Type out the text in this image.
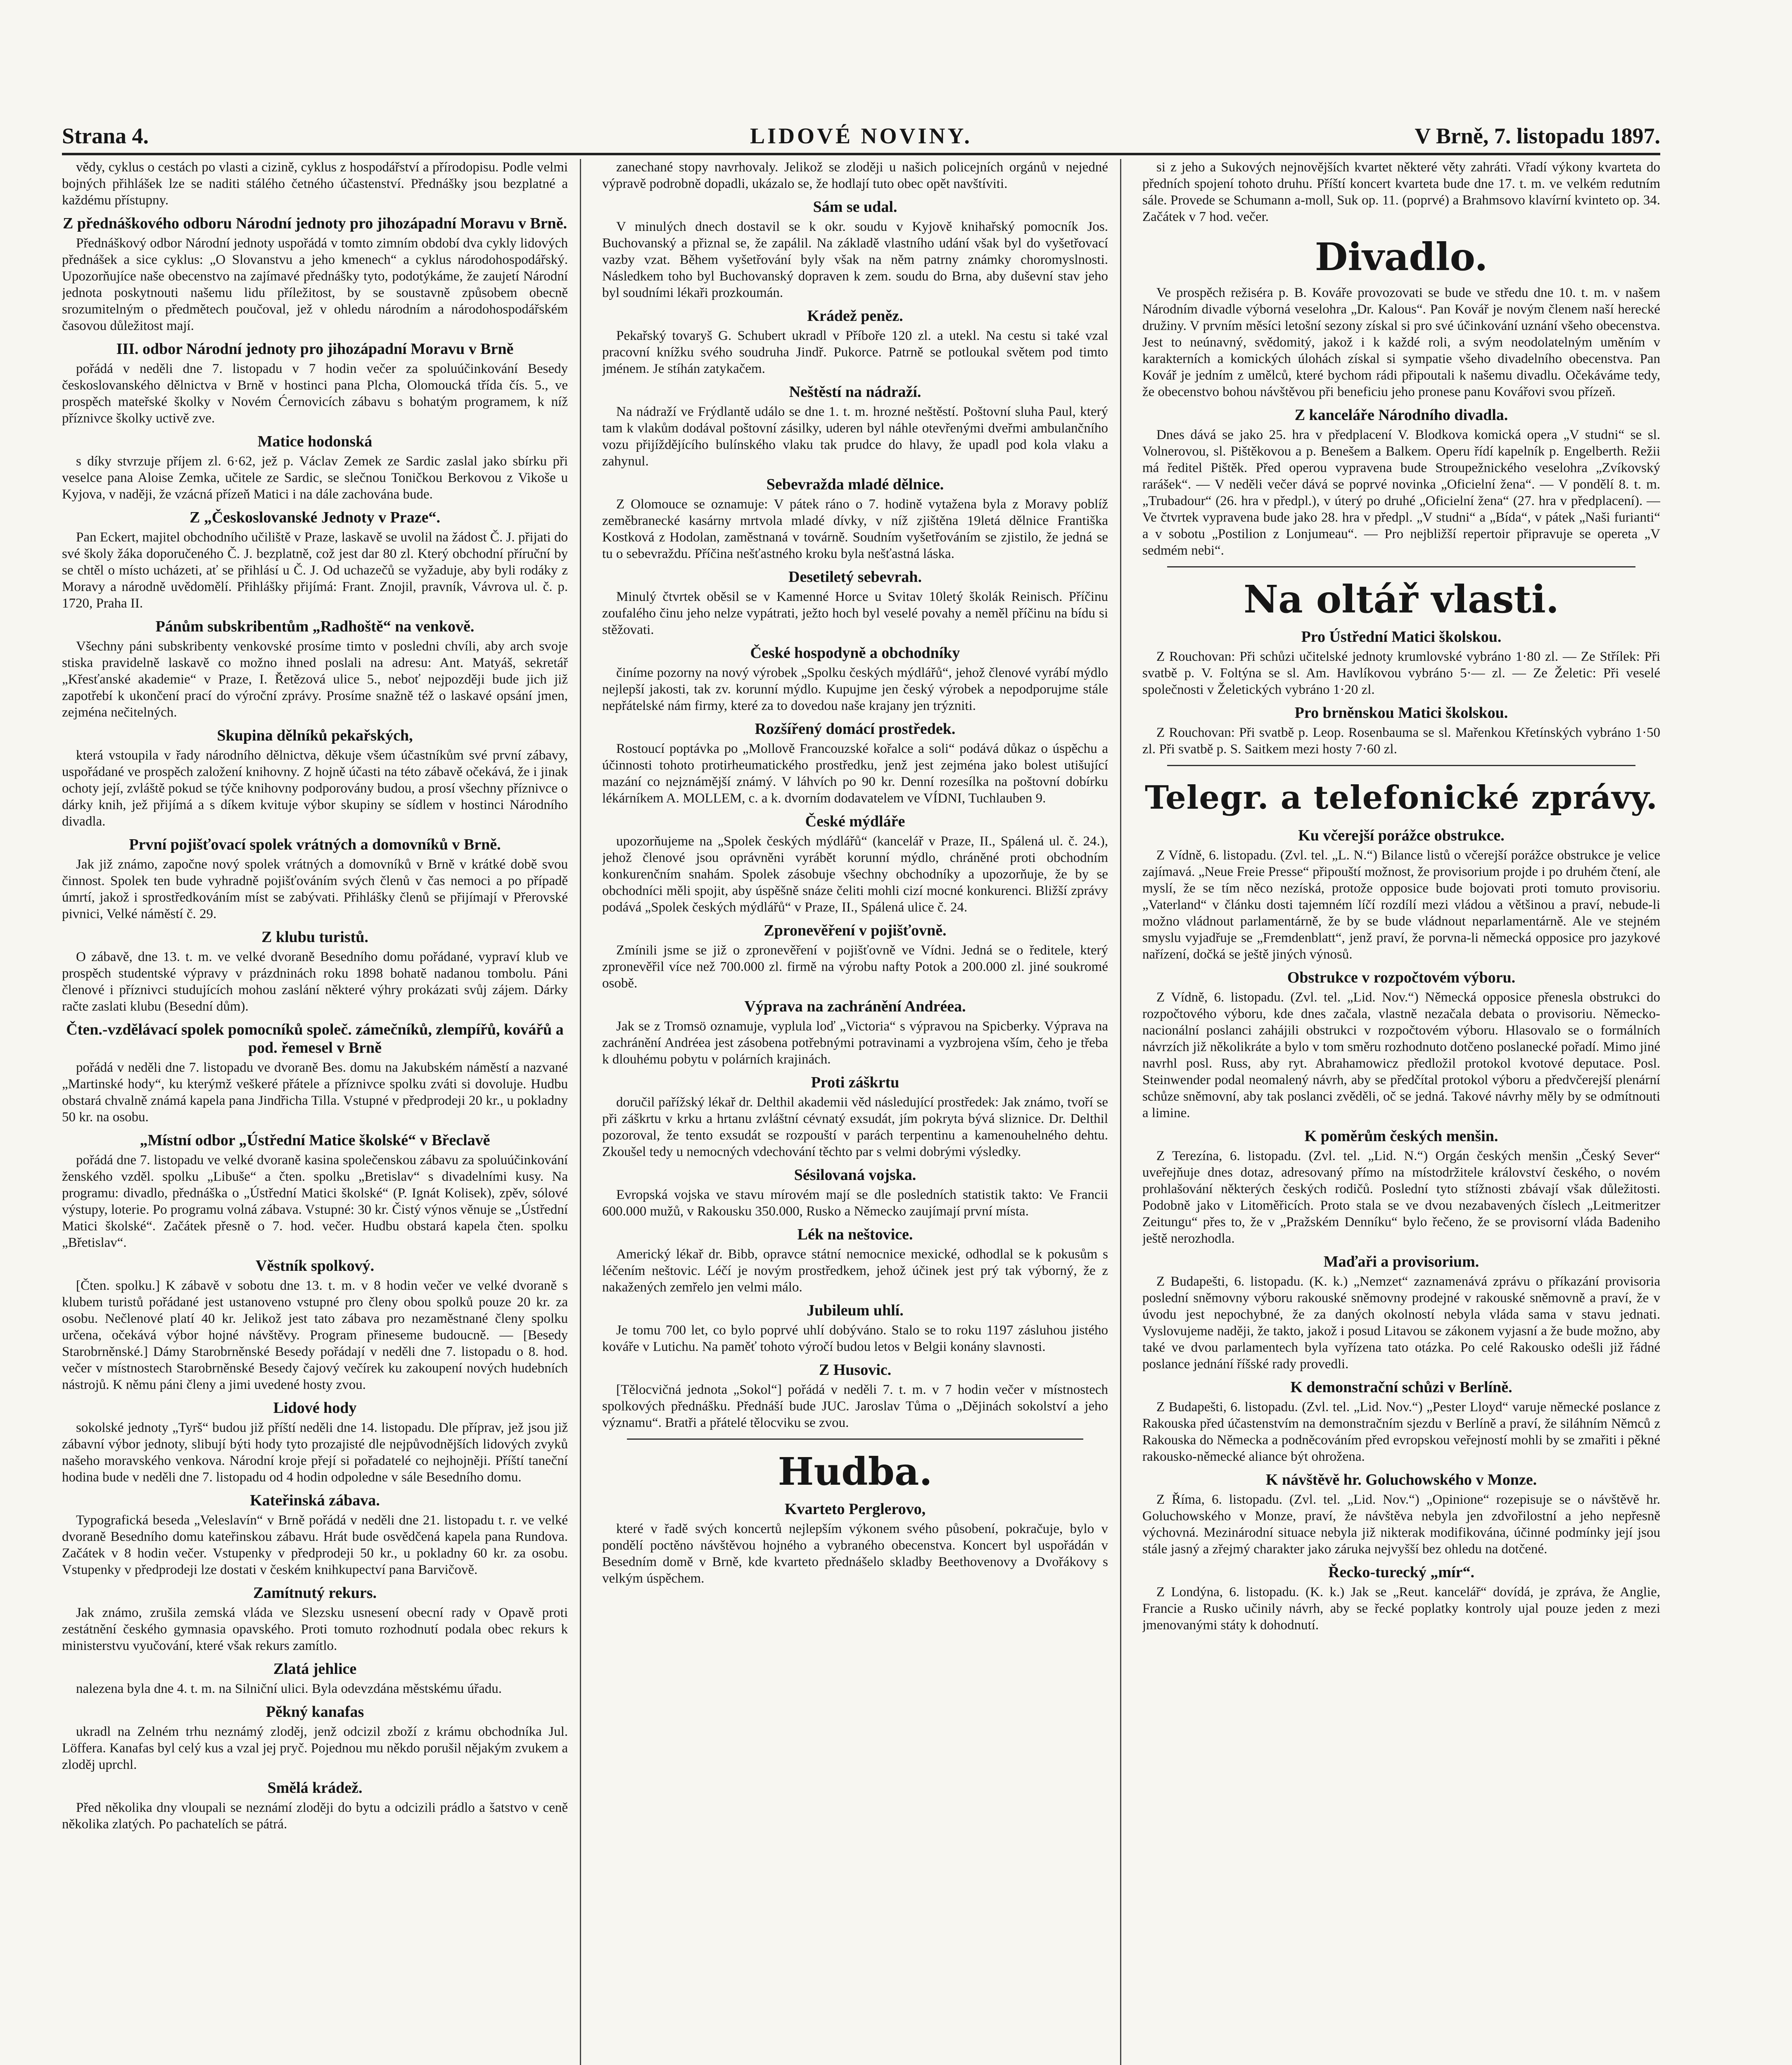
Strana 4.	LIDOVÉ NOVINY.	V Brně, 7. listopadu 1897.

vědy, cyklus o cestách po vlasti a cizině, cyklus z hospodářství a přírodopisu. Podle velmi bojných přihlášek lze se naditi stálého četného účastenství. Přednášky jsou bezplatné a každému přístupny.

Z přednáškového odboru Národní jednoty pro jihozápadní Moravu v Brně.

Přednáškový odbor Národní jednoty uspořádá v tomto zimním období dva cykly lidových přednášek a sice cyklus: „O Slovanstvu a jeho kmenech“ a cyklus národohospodářský. Upozorňujíce naše obecenstvo na zajímavé přednášky tyto, podotýkáme, že zaujetí Národní jednota poskytnouti našemu lidu příležitost, by se soustavně způsobem obecně srozumitelným o předmětech poučoval, jež v ohledu národním a národohospodářském časovou důležitost mají.

III. odbor Národní jednoty pro jihozápadní Moravu v Brně

pořádá v neděli dne 7. listopadu v 7 hodin večer za spoluúčinkování Besedy českoslovanského dělnictva v Brně v hostinci pana Plcha, Olomoucká třída čís. 5., ve prospěch mateřské školky v Novém Ćernovicích zábavu s bohatým programem, k níž příznivce školky uctivě zve.

Matice hodonská

s díky stvrzuje příjem zl. 6·62, jež p. Václav Zemek ze Sardic zaslal jako sbírku při veselce pana Aloise Zemka, učitele ze Sardic, se slečnou Toničkou Berkovou z Vikoše u Kyjova, v naději, že vzácná přízeň Matici i na dále zachována bude.

Z „Českoslovanské Jednoty v Praze“.

Pan Eckert, majitel obchodního učiliště v Praze, laskavě se uvolil na žádost Č. J. přijati do své školy žáka doporučeného Č. J. bezplatně, což jest dar 80 zl. Který obchodní příruční by se chtěl o místo ucházeti, ať se přihlásí u Č. J. Od uchazečů se vyžaduje, aby byli rodáky z Moravy a národně uvědomělí. Přihlášky přijímá: Frant. Znojil, pravník, Vávrova ul. č. p. 1720, Praha II.

Pánům subskribentům „Radhoště“ na venkově.

Všechny páni subskribenty venkovské prosíme timto v posledni chvíli, aby arch svoje stiska pravidelně laskavě co možno ihned poslali na adresu: Ant. Matyáš, sekretář „Křesťanské akademie“ v Praze, I. Řetězová ulice 5., neboť nejpozději bude jich již zapotřebí k ukončení prací do výroční zprávy. Prosíme snažně též o laskavé opsání jmen, zejména nečitelných.

Skupina dělníků pekařských,

která vstoupila v řady národního dělnictva, děkuje všem účastníkům své první zábavy, uspořádané ve prospěch založení knihovny. Z hojně účasti na této zábavě očekává, že i jinak ochoty její, zvláště pokud se týče knihovny podporovány budou, a prosí všechny příznivce o dárky knih, jež přijímá a s díkem kvituje výbor skupiny se sídlem v hostinci Národního divadla.

První pojišťovací spolek vrátných a domovníků v Brně.

Jak již známo, započne nový spolek vrátných a domovníků v Brně v krátké době svou činnost. Spolek ten bude vyhradně pojišťováním svých členů v čas nemoci a po případě úmrtí, jakož i sprostředkováním míst se zabývati. Přihlášky členů se přijímají v Přerovské pivnici, Velké náměstí č. 29.

Z klubu turistů.

O zábavě, dne 13. t. m. ve velké dvoraně Besedního domu pořádané, vypraví klub ve prospěch studentské výpravy v prázdninách roku 1898 bohatě nadanou tombolu. Páni členové i příznivci studujících mohou zaslání některé výhry prokázati svůj zájem. Dárky račte zaslati klubu (Besední dům).

Čten.-vzdělávací spolek pomocníků společ. zámečníků, zlempířů, kovářů a pod. řemesel v Brně

pořádá v neděli dne 7. listopadu ve dvoraně Bes. domu na Jakubském náměstí a nazvané „Martinské hody“, ku kterýmž veškeré přátele a příznivce spolku zváti si dovoluje. Hudbu obstará chvalně známá kapela pana Jindřicha Tilla. Vstupné v předprodeji 20 kr., u pokladny 50 kr. na osobu.

„Místní odbor „Ústřední Matice školské“ v Břeclavě

pořádá dne 7. listopadu ve velké dvoraně kasina společenskou zábavu za spoluúčinkování ženského vzděl. spolku „Libuše“ a čten. spolku „Bretislav“ s divadelními kusy. Na programu: divadlo, přednáška o „Ústřední Matici školské“ (P. Ignát Kolisek), zpěv, sólové výstupy, loterie. Po programu volná zábava. Vstupné: 30 kr. Čistý výnos věnuje se „Ústřední Matici školské“. Začátek přesně o 7. hod. večer. Hudbu obstará kapela čten. spolku „Břetislav“.

Věstník spolkový.

[Čten. spolku.] K zábavě v sobotu dne 13. t. m. v 8 hodin večer ve velké dvoraně s klubem turistů pořádané jest ustanoveno vstupné pro členy obou spolků pouze 20 kr. za osobu. Nečlenové platí 40 kr. Jelikož jest tato zábava pro nezaměstnané členy spolku určena, očekává výbor hojné návštěvy. Program přineseme budoucně. — [Besedy Starobrněnské.] Dámy Starobrněnské Besedy pořádají v neděli dne 7. listopadu o 8. hod. večer v místnostech Starobrněnské Besedy čajový večírek ku zakoupení nových hudebních nástrojů. K němu páni členy a jimi uvedené hosty zvou.

Lidové hody

sokolské jednoty „Tyrš“ budou již příští neděli dne 14. listopadu. Dle příprav, jež jsou již zábavní výbor jednoty, slibují býti hody tyto prozajisté dle nejpůvodnějších lidových zvyků našeho moravského venkova. Národní kroje přejí si pořadatelé co nejhojněji. Příští taneční hodina bude v neděli dne 7. listopadu od 4 hodin odpoledne v sále Besedního domu.

Kateřinská zábava.

Typografická beseda „Veleslavín“ v Brně pořádá v neděli dne 21. listopadu t. r. ve velké dvoraně Besedního domu kateřinskou zábavu. Hrát bude osvědčená kapela pana Rundova. Začátek v 8 hodin večer. Vstupenky v předprodeji 50 kr., u pokladny 60 kr. za osobu. Vstupenky v předprodeji lze dostati v českém knihkupectví pana Barvičově.

Zamítnutý rekurs.

Jak známo, zrušila zemská vláda ve Slezsku usnesení obecní rady v Opavě proti zestátnění českého gymnasia opavského. Proti tomuto rozhodnutí podala obec rekurs k ministerstvu vyučování, které však rekurs zamítlo.

Zlatá jehlice

nalezena byla dne 4. t. m. na Silniční ulici. Byla odevzdána městskému úřadu.

Pěkný kanafas

ukradl na Zelném trhu neznámý zloděj, jenž odcizil zboží z krámu obchodníka Jul. Löffera. Kanafas byl celý kus a vzal jej pryč. Pojednou mu někdo porušil nějakým zvukem a zloděj uprchl.

Smělá krádež.

Před několika dny vloupali se neznámí zloději do bytu a odcizili prádlo a šatstvo v ceně několika zlatých. Po pachatelích se pátrá.

zanechané stopy navrhovaly. Jelikož se zloději u našich policejních orgánů v nejedné výpravě podrobně dopadli, ukázalo se, že hodlají tuto obec opět navštíviti.

Sám se udal.

V minulých dnech dostavil se k okr. soudu v Kyjově knihařský pomocník Jos. Buchovanský a přiznal se, že zapálil. Na základě vlastního udání však byl do vyšetřovací vazby vzat. Během vyšetřování byly však na něm patrny známky choromyslnosti. Následkem toho byl Buchovanský dopraven k zem. soudu do Brna, aby duševní stav jeho byl soudními lékaři prozkoumán.

Krádež peněz.

Pekařský tovaryš G. Schubert ukradl v Příboře 120 zl. a utekl. Na cestu si také vzal pracovní knížku svého soudruha Jindř. Pukorce. Patrně se potloukal světem pod timto jménem. Je stíhán zatykačem.

Neštěstí na nádraží.

Na nádraží ve Frýdlantě událo se dne 1. t. m. hrozné neštěstí. Poštovní sluha Paul, který tam k vlakům dodával poštovní zásilky, uderen byl náhle otevřenými dveřmi ambulančního vozu přijíždějícího bulínského vlaku tak prudce do hlavy, že upadl pod kola vlaku a zahynul.

Sebevražda mladé dělnice.

Z Olomouce se oznamuje: V pátek ráno o 7. hodině vytažena byla z Moravy poblíž zeměbranecké kasárny mrtvola mladé dívky, v níž zjištěna 19letá dělnice Františka Kostková z Hodolan, zaměstnaná v továrně. Soudním vyšetřováním se zjistilo, že jedná se tu o sebevraždu. Příčina nešťastného kroku byla nešťastná láska.

Desetiletý sebevrah.

Minulý čtvrtek oběsil se v Kamenné Horce u Svitav 10letý školák Reinisch. Příčinu zoufalého činu jeho nelze vypátrati, ježto hoch byl veselé povahy a neměl příčinu na bídu si stěžovati.

České hospodyně a obchodníky

činíme pozorny na nový výrobek „Spolku českých mýdlářů“, jehož členové vyrábí mýdlo nejlepší jakosti, tak zv. korunní mýdlo. Kupujme jen český výrobek a nepodporujme stále nepřátelské nám firmy, které za to dovedou naše krajany jen trýzniti.

Rozšířený domácí prostředek.

Rostoucí poptávka po „Mollově Francouzské kořalce a soli“ podává důkaz o úspěchu a účinnosti tohoto protirheumatického prostředku, jenž jest zejména jako bolest utišující mazání co nejznámější známý. V láhvích po 90 kr. Denní rozesílka na poštovní dobírku lékárníkem A. MOLLEM, c. a k. dvorním dodavatelem ve VÍDNI, Tuchlauben 9.

České mýdláře

upozorňujeme na „Spolek českých mýdlářů“ (kancelář v Praze, II., Spálená ul. č. 24.), jehož členové jsou oprávněni vyrábět korunní mýdlo, chráněné proti obchodním konkurenčním snahám. Spolek zásobuje všechny obchodníky a upozorňuje, že by se obchodníci měli spojit, aby úspěšně snáze čeliti mohli cizí mocné konkurenci. Bližší zprávy podává „Spolek českých mýdlářů“ v Praze, II., Spálená ulice č. 24.

Zpronevěření v pojišťovně.

Zmínili jsme se již o zpronevěření v pojišťovně ve Vídni. Jedná se o ředitele, který zpronevěřil více než 700.000 zl. firmě na výrobu nafty Potok a 200.000 zl. jiné soukromé osobě.

Výprava na zachránění Andréea.

Jak se z Tromsö oznamuje, vyplula loď „Victoria“ s výpravou na Spicberky. Výprava na zachránění Andréea jest zásobena potřebnými potravinami a vyzbrojena vším, čeho je třeba k dlouhému pobytu v polárních krajinách.

Proti záškrtu

doručil pařížský lékař dr. Delthil akademii věd následující prostředek: Jak známo, tvoří se při záškrtu v krku a hrtanu zvláštní cévnatý exsudát, jím pokryta bývá sliznice. Dr. Delthil pozoroval, že tento exsudát se rozpouští v parách terpentinu a kamenouhelného dehtu. Zkoušel tedy u nemocných vdechování těchto par s velmi dobrými výsledky.

Sésilovaná vojska.

Evropská vojska ve stavu mírovém mají se dle posledních statistik takto: Ve Francii 600.000 mužů, v Rakousku 350.000, Rusko a Německo zaujímají první místa.

Lék na neštovice.

Americký lékař dr. Bibb, opravce státní nemocnice mexické, odhodlal se k pokusům s léčením neštovic. Léčí je novým prostředkem, jehož účinek jest prý tak výborný, že z nakažených zemřelo jen velmi málo.

Jubileum uhlí.

Je tomu 700 let, co bylo poprvé uhlí dobýváno. Stalo se to roku 1197 zásluhou jistého kováře v Lutichu. Na paměť tohoto výročí budou letos v Belgii konány slavnosti.

Z Husovic.

[Tělocvičná jednota „Sokol“] pořádá v neděli 7. t. m. v 7 hodin večer v místnostech spolkových přednášku. Přednáší bude JUC. Jaroslav Tůma o „Dějinách sokolství a jeho významu“. Bratři a přátelé tělocviku se zvou.

Hudba.
Kvarteto Perglerovo,

které v řadě svých koncertů nejlepším výkonem svého působení, pokračuje, bylo v pondělí poctěno návštěvou hojného a vybraného obecenstva. Koncert byl uspořádán v Besedním domě v Brně, kde kvarteto přednášelo skladby Beethovenovy a Dvořákovy s velkým úspěchem.

si z jeho a Sukových nejnovějších kvartet některé věty zahráti. Vřadí výkony kvarteta do předních spojení tohoto druhu. Příští koncert kvarteta bude dne 17. t. m. ve velkém redutním sále. Provede se Schumann a-moll, Suk op. 11. (poprvé) a Brahmsovo klavírní kvinteto op. 34. Začátek v 7 hod. večer.

Divadlo.

Ve prospěch režiséra p. B. Kováře provozovati se bude ve středu dne 10. t. m. v našem Národním divadle výborná veselohra „Dr. Kalous“. Pan Kovář je novým členem naší herecké družiny. V prvním měsíci letošní sezony získal si pro své účinkování uznání všeho obecenstva. Jest to neúnavný, svědomitý, jakož i k každé roli, a svým neodolatelným uměním v karakterních a komických úlohách získal si sympatie všeho divadelního obecenstva. Pan Kovář je jedním z umělců, které bychom rádi připoutali k našemu divadlu. Očekáváme tedy, že obecenstvo bohou návštěvou při beneficiu jeho pronese panu Kovářovi svou přízeň.

Z kanceláře Národního divadla.

Dnes dává se jako 25. hra v předplacení V. Blodkova komická opera „V studni“ se sl. Volnerovou, sl. Pištěkovou a p. Benešem a Balkem. Operu řídí kapelník p. Engelberth. Režii má ředitel Pištěk. Před operou vypravena bude Stroupežnického veselohra „Zvíkovský rarášek“. — V neděli večer dává se poprvé novinka „Oficielní žena“. — V pondělí 8. t. m. „Trubadour“ (26. hra v předpl.), v úterý po druhé „Oficielní žena“ (27. hra v předplacení). — Ve čtvrtek vypravena bude jako 28. hra v předpl. „V studni“ a „Bída“, v pátek „Naši furianti“ a v sobotu „Postilion z Lonjumeau“. — Pro nejbližší repertoir připravuje se opereta „V sedmém nebi“.

Na oltář vlasti.
Pro Ústřední Matici školskou.

Z Rouchovan: Při schůzi učitelské jednoty krumlovské vybráno 1·80 zl. — Ze Střílek: Při svatbě p. V. Foltýna se sl. Am. Havlíkovou vybráno 5·— zl. — Ze Želetic: Při veselé společnosti v Želetických vybráno 1·20 zl.

Pro brněnskou Matici školskou.

Z Rouchovan: Při svatbě p. Leop. Rosenbauma se sl. Mařenkou Křetínských vybráno 1·50 zl. Při svatbě p. S. Saitkem mezi hosty 7·60 zl.

Telegr. a telefonické zprávy.
Ku včerejší porážce obstrukce.

Z Vídně, 6. listopadu. (Zvl. tel. „L. N.“) Bilance listů o včerejší porážce obstrukce je velice zajímavá. „Neue Freie Presse“ připouští možnost, že provisorium projde i po druhém čtení, ale myslí, že se tím něco nezíská, protože opposice bude bojovati proti tomuto provisoriu. „Vaterland“ v článku dosti tajemném líčí rozdílí mezi vládou a většinou a praví, nebude-li možno vládnout parlamentárně, že by se bude vládnout neparlamentárně. Ale ve stejném smyslu vyjadřuje se „Fremdenblatt“, jenž praví, že porvna-li německá opposice pro jazykové nařízení, dočká se ještě jiných výnosů.

Obstrukce v rozpočtovém výboru.

Z Vídně, 6. listopadu. (Zvl. tel. „Lid. Nov.“) Německá opposice přenesla obstrukci do rozpočtového výboru, kde dnes začala, vlastně nezačala debata o provisoriu. Německo-nacionální poslanci zahájili obstrukci v rozpočtovém výboru. Hlasovalo se o formálních návrzích již několikráte a bylo v tom směru rozhodnuto dotčeno poslanecké pořadí. Mimo jiné navrhl posl. Russ, aby ryt. Abrahamowicz předložil protokol kvotové deputace. Posl. Steinwender podal neomalený návrh, aby se předčítal protokol výboru a předvčerejší plenární schůze sněmovní, aby tak poslanci zvěděli, oč se jedná. Takové návrhy měly by se odmítnouti a limine.

K poměrům českých menšin.

Z Terezína, 6. listopadu. (Zvl. tel. „Lid. N.“) Orgán českých menšin „Český Sever“ uveřejňuje dnes dotaz, adresovaný přímo na místodržitele království českého, o novém prohlašování některých českých rodičů. Poslední tyto stížnosti zbávají však důležitosti. Podobně jako v Litoměřicích. Proto stala se ve dvou nezabavených číslech „Leitmeritzer Zeitungu“ přes to, že v „Pražském Denníku“ bylo řečeno, že se provisorní vláda Badeniho ještě nerozhodla.

Maďaři a provisorium.

Z Budapešti, 6. listopadu. (K. k.) „Nemzet“ zaznamenává zprávu o příkazání provisoria poslední sněmovny výboru rakouské sněmovny prodejné v rakouské sněmovně a praví, že v úvodu jest nepochybné, že za daných okolností nebyla vláda sama v stavu jednati. Vyslovujeme naději, že takto, jakož i posud Litavou se zákonem vyjasní a že bude možno, aby také ve dvou parlamentech byla vyřízena tato otázka. Po celé Rakousko odešli již řádné poslance jednání říšské rady provedli.

K demonstrační schůzi v Berlíně.

Z Budapešti, 6. listopadu. (Zvl. tel. „Lid. Nov.“) „Pester Lloyd“ varuje německé poslance z Rakouska před účastenstvím na demonstračním sjezdu v Berlíně a praví, že siláhním Němců z Rakouska do Německa a podněcováním před evropskou veřejností mohli by se zmařiti i pěkné rakousko-německé aliance být ohrožena.

K návštěvě hr. Goluchowského v Monze.

Z Říma, 6. listopadu. (Zvl. tel. „Lid. Nov.“) „Opinione“ rozepisuje se o návštěvě hr. Goluchowského v Monze, praví, že návštěva nebyla jen zdvořilostní a jeho nepřesně výchovná. Mezinárodní situace nebyla již nikterak modifikována, účinné podmínky její jsou stále jasný a zřejmý charakter jako záruka nejvyšší bez ohledu na dotčené.

Řecko-turecký „mír“.

Z Londýna, 6. listopadu. (K. k.) Jak se „Reut. kancelář“ dovídá, je zpráva, že Anglie, Francie a Rusko učinily návrh, aby se řecké poplatky kontroly ujal pouze jeden z mezi jmenovanými státy k dohodnutí.
